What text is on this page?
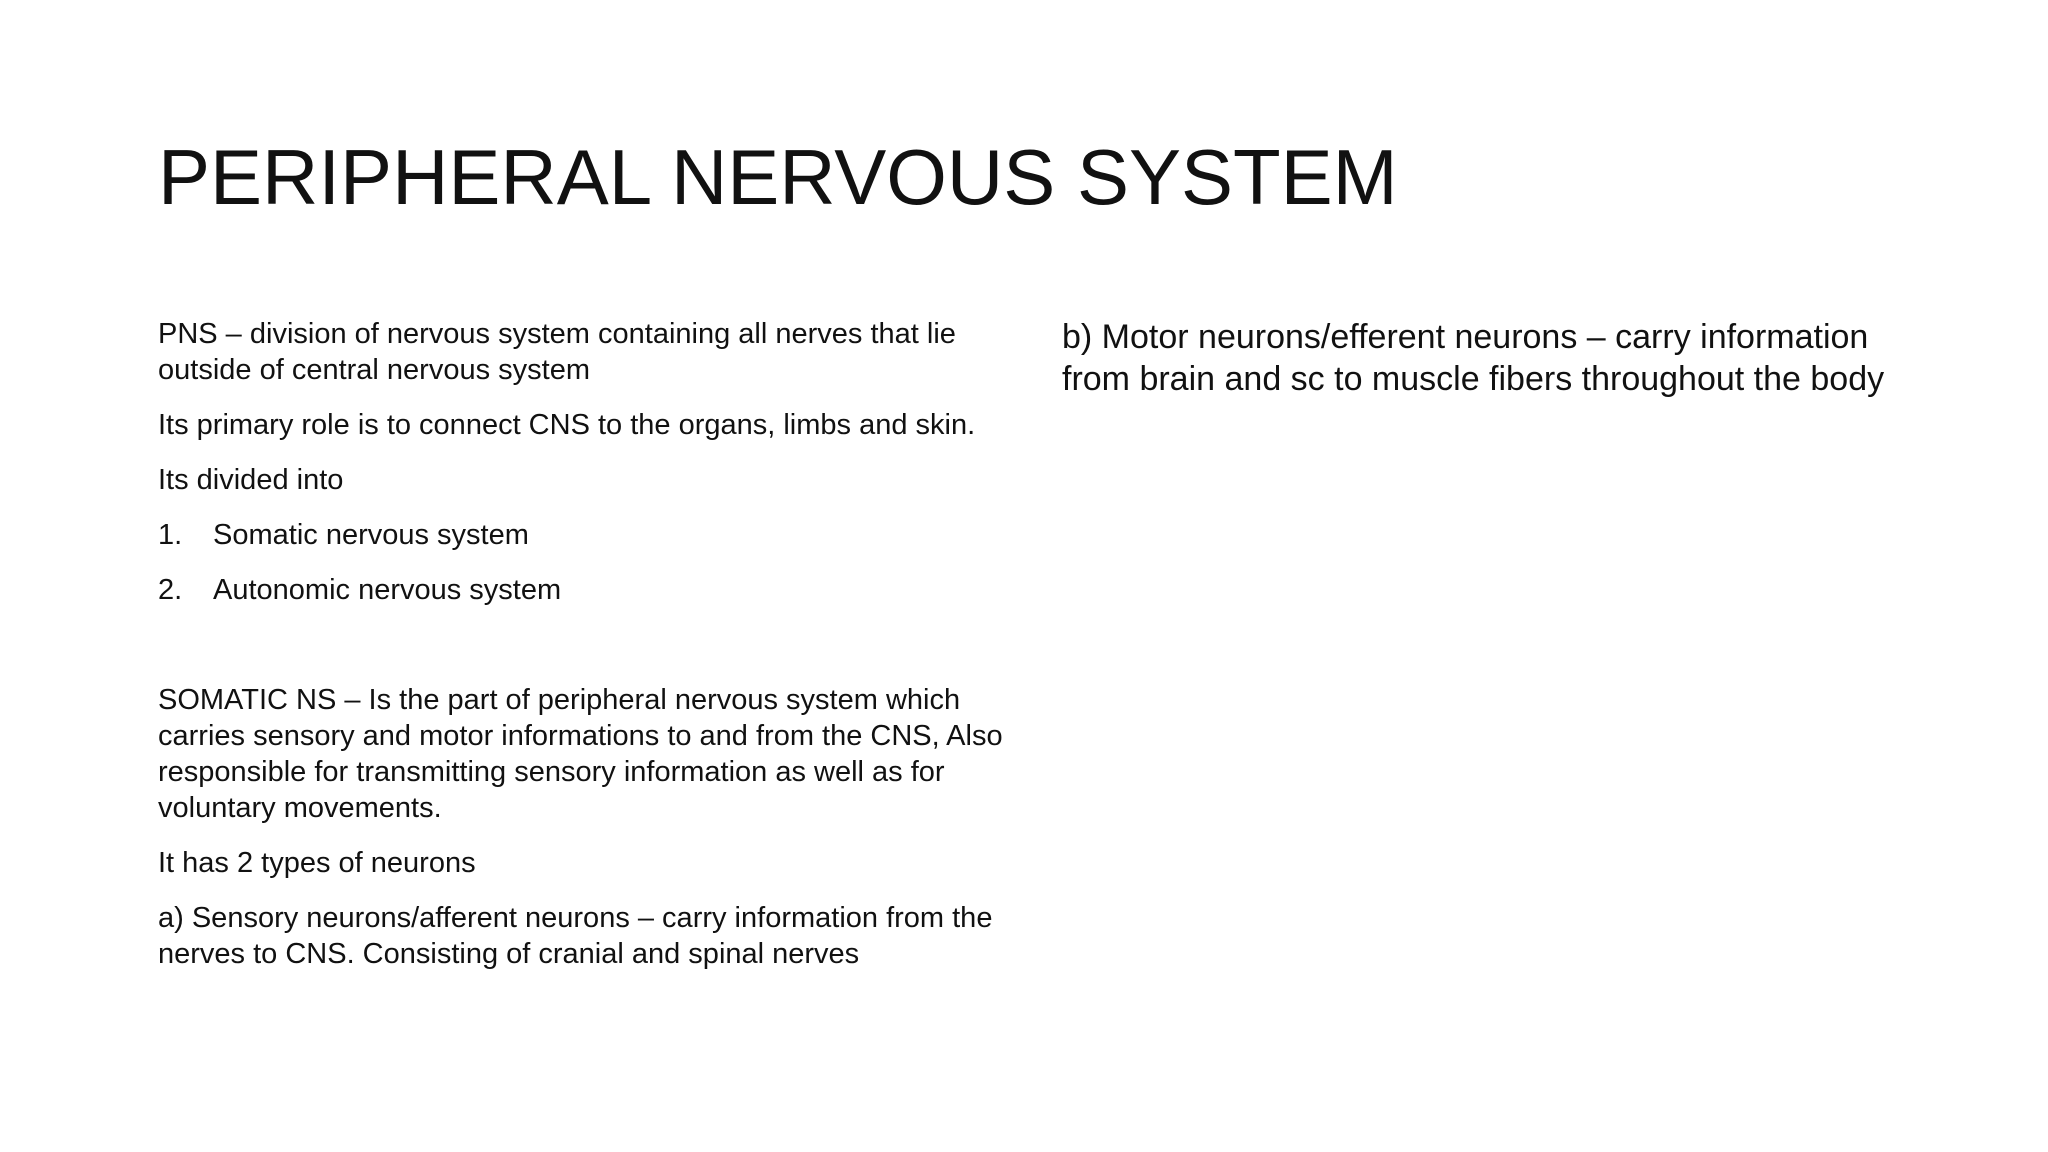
PERIPHERAL NERVOUS SYSTEM

PNS – division of nervous system containing all nerves that lie outside of central nervous system

Its primary role is to connect CNS to the organs, limbs and skin.

Its divided into

1.	Somatic nervous system
2.	Autonomic nervous system

SOMATIC NS – Is the part of peripheral nervous system which carries sensory and motor informations to and from the CNS, Also responsible for transmitting sensory information as well as for voluntary movements.

It has 2 types of neurons

a) Sensory neurons/afferent neurons – carry information from the nerves to CNS. Consisting of cranial and spinal nerves

b) Motor neurons/efferent neurons – carry information from brain and sc to muscle fibers throughout the body
